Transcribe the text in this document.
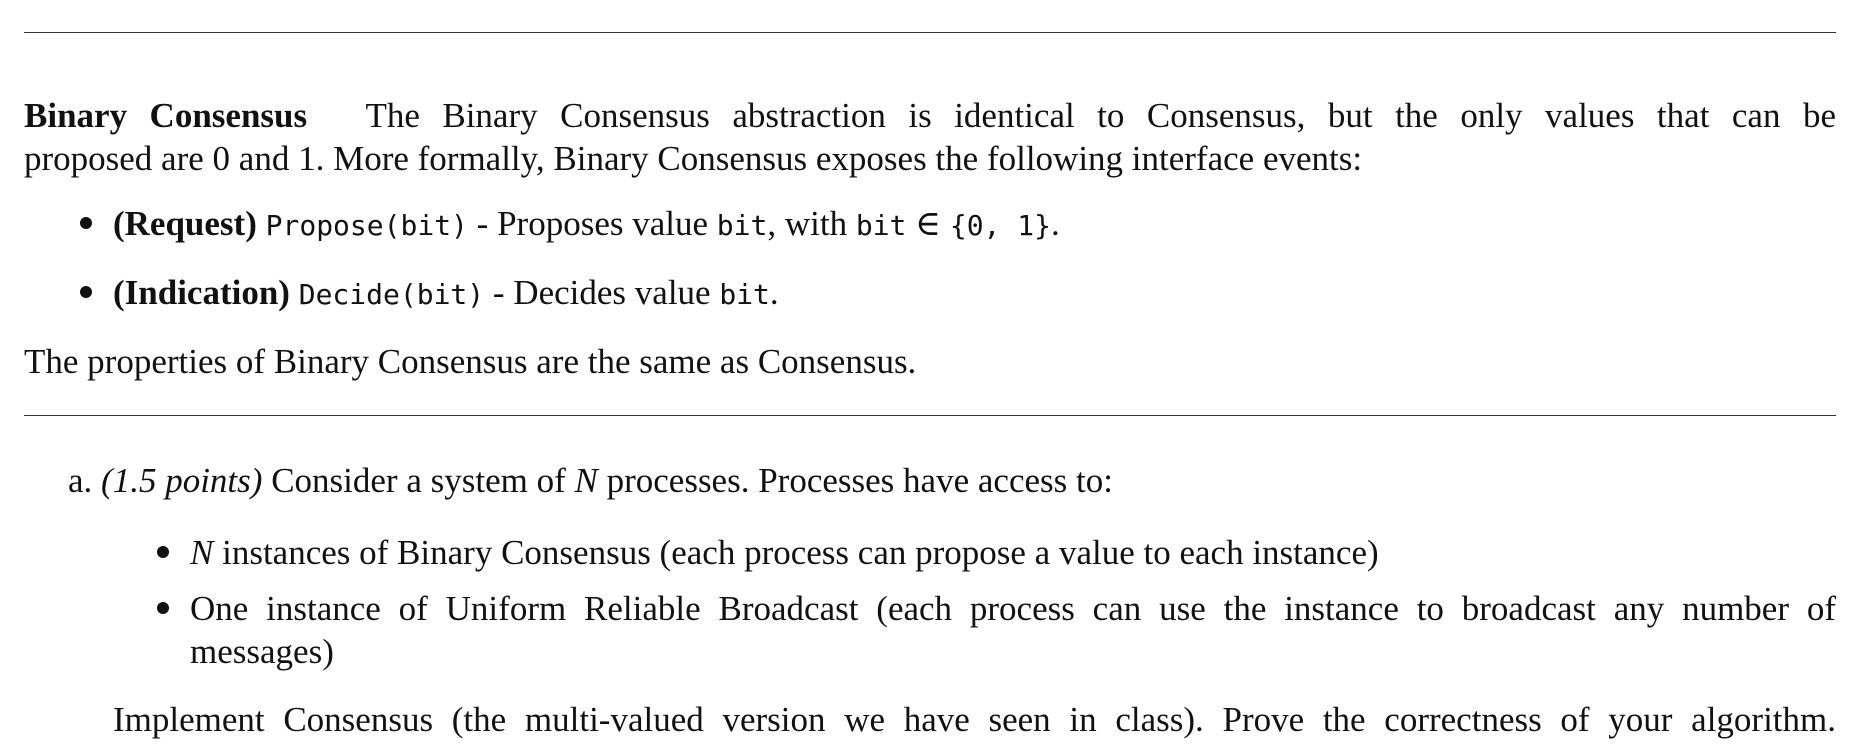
Binary Consensus The Binary Consensus abstraction is identical to Consensus, but the only values that can be
proposed are 0 and 1. More formally, Binary Consensus exposes the following interface events:
(Request) Propose(bit) - Proposes value bit, with bit ∈ {0, 1}.
(Indication) Decide(bit) - Decides value bit.
The properties of Binary Consensus are the same as Consensus.
a. (1.5 points) Consider a system of N processes. Processes have access to:
N instances of Binary Consensus (each process can propose a value to each instance)
One instance of Uniform Reliable Broadcast (each process can use the instance to broadcast any number of
messages)
Implement Consensus (the multi-valued version we have seen in class). Prove the correctness of your algorithm.
